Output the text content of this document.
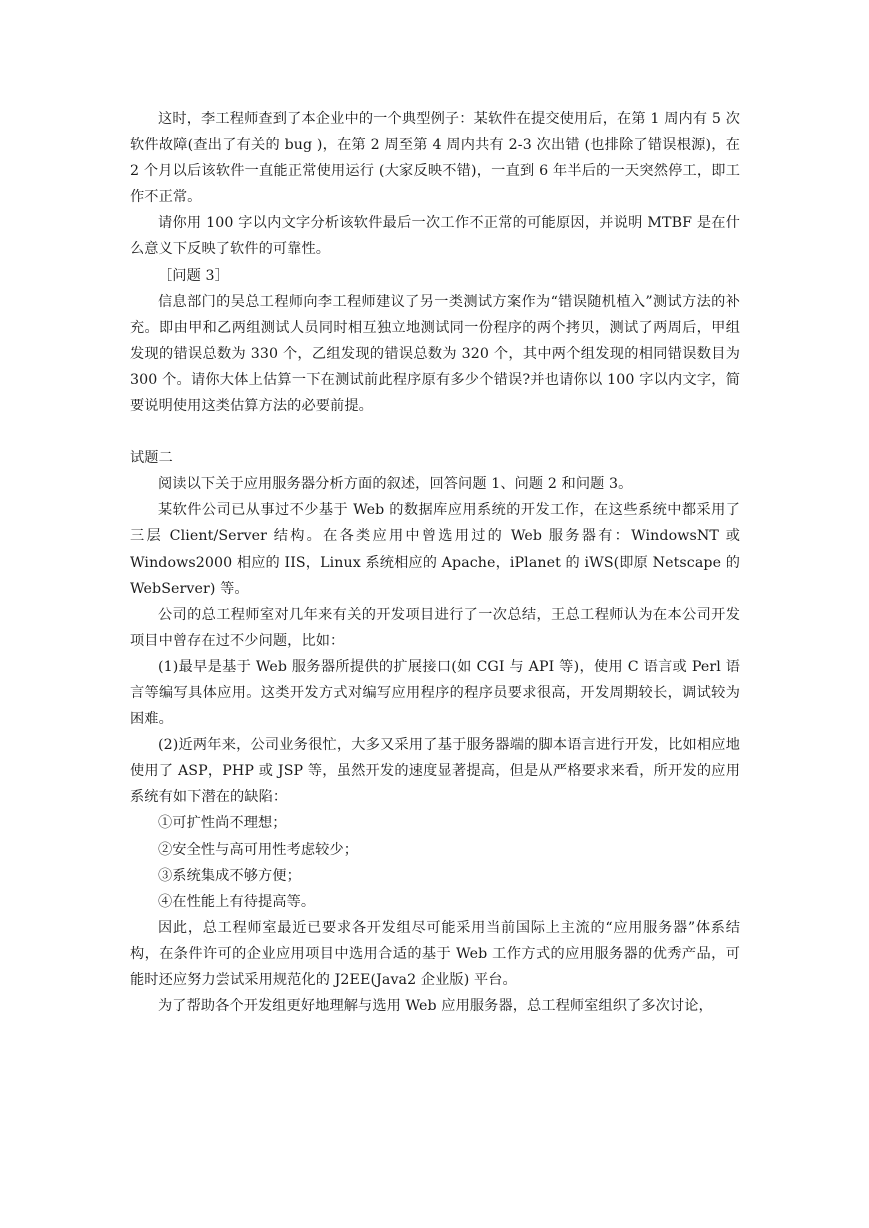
这时，李工程师查到了本企业中的一个典型例子：某软件在提交使用后，在第 1 周内有 5 次软件故障(查出了有关的 bug )，在第 2 周至第 4 周内共有 2-3 次出错 (也排除了错误根源)，在 2 个月以后该软件一直能正常使用运行 (大家反映不错)，一直到 6 年半后的一天突然停工，即工作不正常。

请你用 100 字以内文字分析该软件最后一次工作不正常的可能原因，并说明 MTBF 是在什么意义下反映了软件的可靠性。

［问题 3］

信息部门的吴总工程师向李工程师建议了另一类测试方案作为“错误随机植入”测试方法的补充。即由甲和乙两组测试人员同时相互独立地测试同一份程序的两个拷贝，测试了两周后，甲组发现的错误总数为 330 个，乙组发现的错误总数为 320 个，其中两个组发现的相同错误数目为 300 个。请你大体上估算一下在测试前此程序原有多少个错误?并也请你以 100 字以内文字，简要说明使用这类估算方法的必要前提。

试题二

阅读以下关于应用服务器分析方面的叙述，回答问题 1、问题 2 和问题 3。

某软件公司已从事过不少基于 Web 的数据库应用系统的开发工作，在这些系统中都采用了三层 Client/Server 结构。在各类应用中曾选用过的 Web 服务器有：WindowsNT 或 Windows2000 相应的 IIS，Linux 系统相应的 Apache，iPlanet 的 iWS(即原 Netscape 的 WebServer) 等。

公司的总工程师室对几年来有关的开发项目进行了一次总结，王总工程师认为在本公司开发项目中曾存在过不少问题，比如：

(1)最早是基于 Web 服务器所提供的扩展接口(如 CGI 与 API 等)，使用 C 语言或 Perl 语言等编写具体应用。这类开发方式对编写应用程序的程序员要求很高，开发周期较长，调试较为困难。

(2)近两年来，公司业务很忙，大多又采用了基于服务器端的脚本语言进行开发，比如相应地使用了 ASP，PHP 或 JSP 等，虽然开发的速度显著提高，但是从严格要求来看，所开发的应用系统有如下潜在的缺陷：

①可扩性尚不理想；

②安全性与高可用性考虑较少；

③系统集成不够方便；

④在性能上有待提高等。

因此，总工程师室最近已要求各开发组尽可能采用当前国际上主流的“应用服务器”体系结构，在条件许可的企业应用项目中选用合适的基于 Web 工作方式的应用服务器的优秀产品，可能时还应努力尝试采用规范化的 J2EE(Java2 企业版) 平台。

为了帮助各个开发组更好地理解与选用 Web 应用服务器，总工程师室组织了多次讨论，
